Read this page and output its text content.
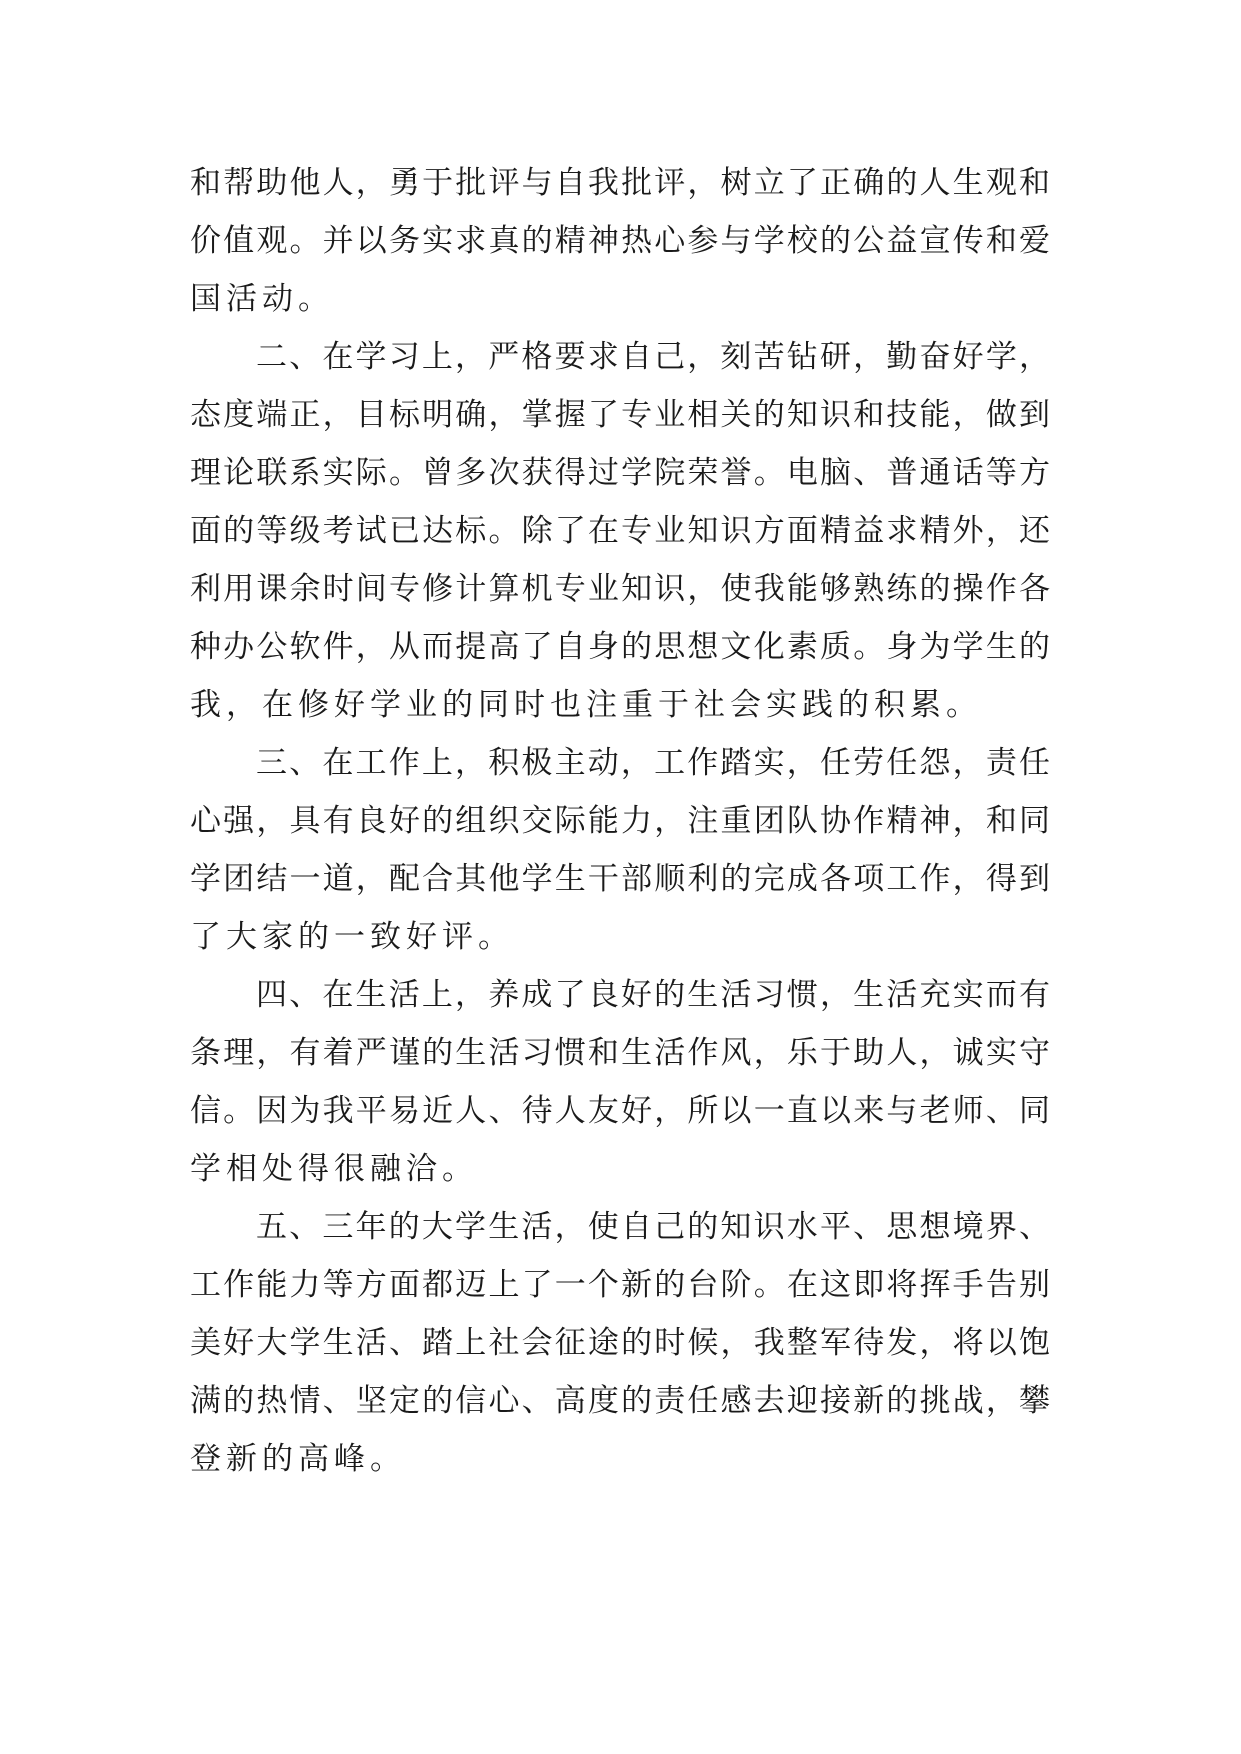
和帮助他人，勇于批评与自我批评，树立了正确的人生观和
价值观。并以务实求真的精神热心参与学校的公益宣传和爱
国活动。
二、在学习上，严格要求自己，刻苦钻研，勤奋好学，
态度端正，目标明确，掌握了专业相关的知识和技能，做到
理论联系实际。曾多次获得过学院荣誉。电脑、普通话等方
面的等级考试已达标。除了在专业知识方面精益求精外，还
利用课余时间专修计算机专业知识，使我能够熟练的操作各
种办公软件，从而提高了自身的思想文化素质。身为学生的
我，在修好学业的同时也注重于社会实践的积累。
三、在工作上，积极主动，工作踏实，任劳任怨，责任
心强，具有良好的组织交际能力，注重团队协作精神，和同
学团结一道，配合其他学生干部顺利的完成各项工作，得到
了大家的一致好评。
四、在生活上，养成了良好的生活习惯，生活充实而有
条理，有着严谨的生活习惯和生活作风，乐于助人，诚实守
信。因为我平易近人、待人友好，所以一直以来与老师、同
学相处得很融洽。
五、三年的大学生活，使自己的知识水平、思想境界、
工作能力等方面都迈上了一个新的台阶。在这即将挥手告别
美好大学生活、踏上社会征途的时候，我整军待发，将以饱
满的热情、坚定的信心、高度的责任感去迎接新的挑战，攀
登新的高峰。
